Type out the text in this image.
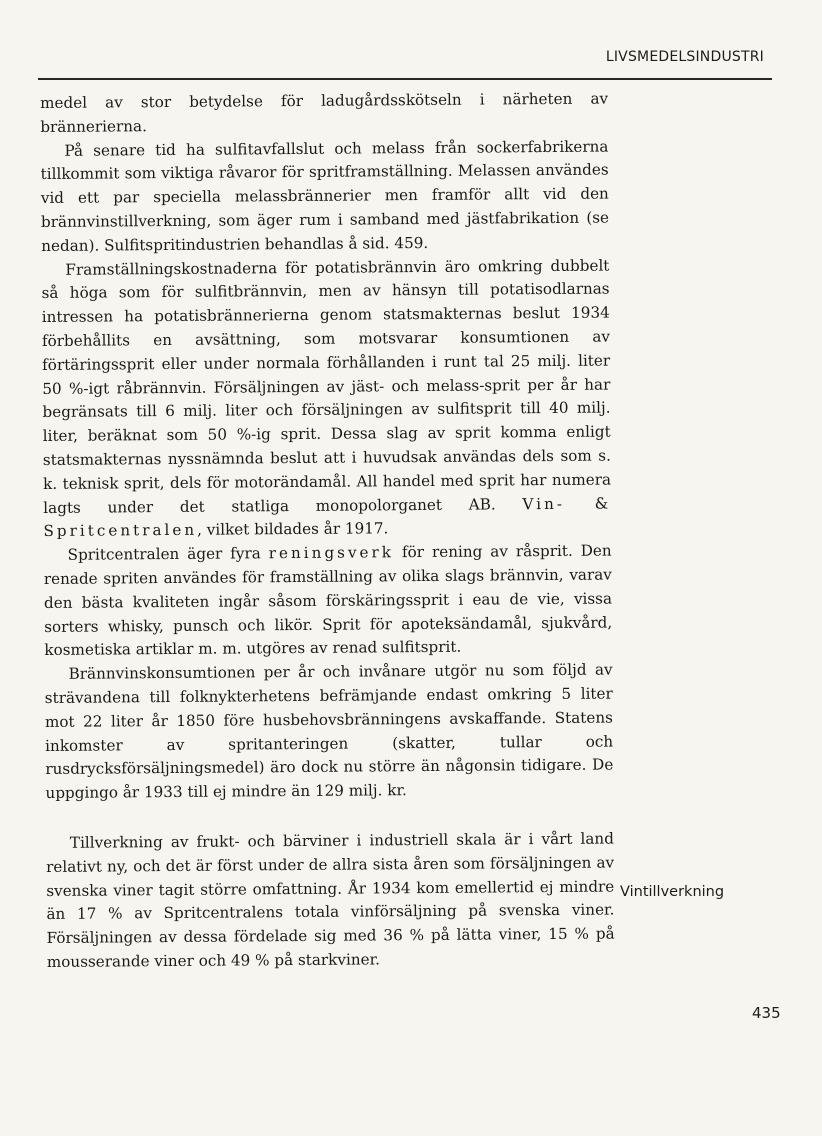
LIVSMEDELSINDUSTRI

medel av stor betydelse för ladugårdsskötseln i närheten av brännerierna.

På senare tid ha sulfitavfallslut och melass från sockerfabrikerna tillkommit som viktiga råvaror för spritframställning. Melassen användes vid ett par speciella melassbrännerier men framför allt vid den brännvinstillverkning, som äger rum i samband med jästfabrikation (se nedan). Sulfitspritindustrien behandlas å sid. 459.

Framställningskostnaderna för potatisbrännvin äro omkring dubbelt så höga som för sulfitbrännvin, men av hänsyn till potatisodlarnas intressen ha potatisbrännerierna genom statsmakternas beslut 1934 förbehållits en avsättning, som motsvarar konsumtionen av förtäringssprit eller under normala förhållanden i runt tal 25 milj. liter 50 %-igt råbrännvin. Försäljningen av jäst- och melass-sprit per år har begränsats till 6 milj. liter och försäljningen av sulfitsprit till 40 milj. liter, beräknat som 50 %-ig sprit. Dessa slag av sprit komma enligt statsmakternas nyssnämnda beslut att i huvudsak användas dels som s. k. teknisk sprit, dels för motorändamål. All handel med sprit har numera lagts under det statliga monopolorganet AB. Vin- & Spritcentralen, vilket bildades år 1917.

Spritcentralen äger fyra reningsverk för rening av råsprit. Den renade spriten användes för framställning av olika slags brännvin, varav den bästa kvaliteten ingår såsom förskäringssprit i eau de vie, vissa sorters whisky, punsch och likör. Sprit för apoteksändamål, sjukvård, kosmetiska artiklar m. m. utgöres av renad sulfitsprit.

Brännvinskonsumtionen per år och invånare utgör nu som följd av strävandena till folknykterhetens befrämjande endast omkring 5 liter mot 22 liter år 1850 före husbehovsbränningens avskaffande. Statens inkomster av spritanteringen (skatter, tullar och rusdrycksförsäljningsmedel) äro dock nu större än någonsin tidigare. De uppgingo år 1933 till ej mindre än 129 milj. kr.

Tillverkning av frukt- och bärviner i industriell skala är i vårt land relativt ny, och det är först under de allra sista åren som försäljningen av svenska viner tagit större omfattning. År 1934 kom emellertid ej mindre än 17 % av Spritcentralens totala vinförsäljning på svenska viner. Försäljningen av dessa fördelade sig med 36 % på lätta viner, 15 % på mousserande viner och 49 % på starkviner.

Vintillverkning
435
